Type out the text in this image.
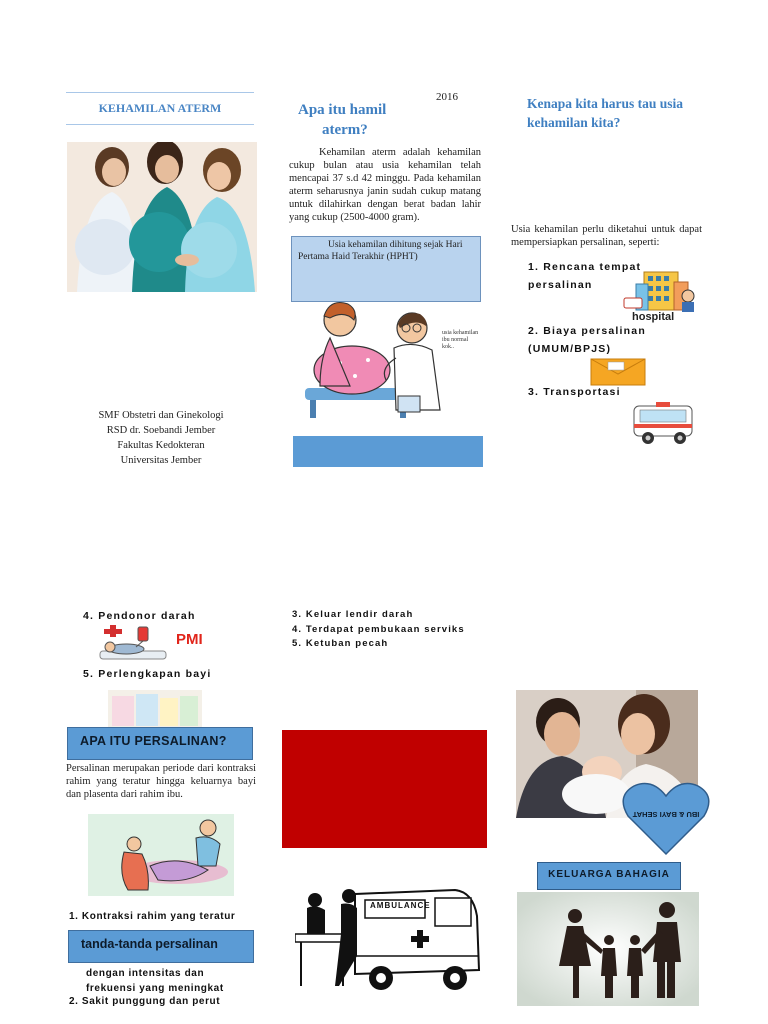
2016
KEHAMILAN ATERM
SMF Obstetri dan Ginekologi
RSD dr. Soebandi Jember
Fakultas Kedokteran
Universitas Jember
Apa itu hamil
aterm?
Kehamilan aterm adalah kehamilan cukup bulan atau usia kehamilan telah mencapai 37 s.d 42 minggu. Pada kehamilan aterm seharusnya janin sudah cukup matang untuk dilahirkan dengan berat badan lahir yang cukup (2500-4000 gram).
Usia kehamilan dihitung sejak Hari Pertama Haid Terakhir (HPHT)
usia kehamilan ibu normal kok..
Kenapa kita harus tau usia kehamilan kita?
Usia kehamilan perlu diketahui untuk dapat mempersiapkan persalinan, seperti:
1. Rencana tempat persalinan
hospital
2. Biaya persalinan (UMUM/BPJS)
3. Transportasi
4. Pendonor darah
PMI
5. Perlengkapan bayi
APA ITU PERSALINAN?
Persalinan merupakan periode dari kontraksi rahim yang teratur hingga keluarnya bayi dan plasenta dari rahim ibu.
1. Kontraksi rahim yang teratur
tanda-tanda persalinan
dengan intensitas dan frekuensi yang meningkat
2. Sakit punggung dan perut
3. Keluar lendir darah
4. Terdapat pembukaan serviks
5. Ketuban pecah
AMBULANCE
IBU & BAYI SEHAT
KELUARGA BAHAGIA
